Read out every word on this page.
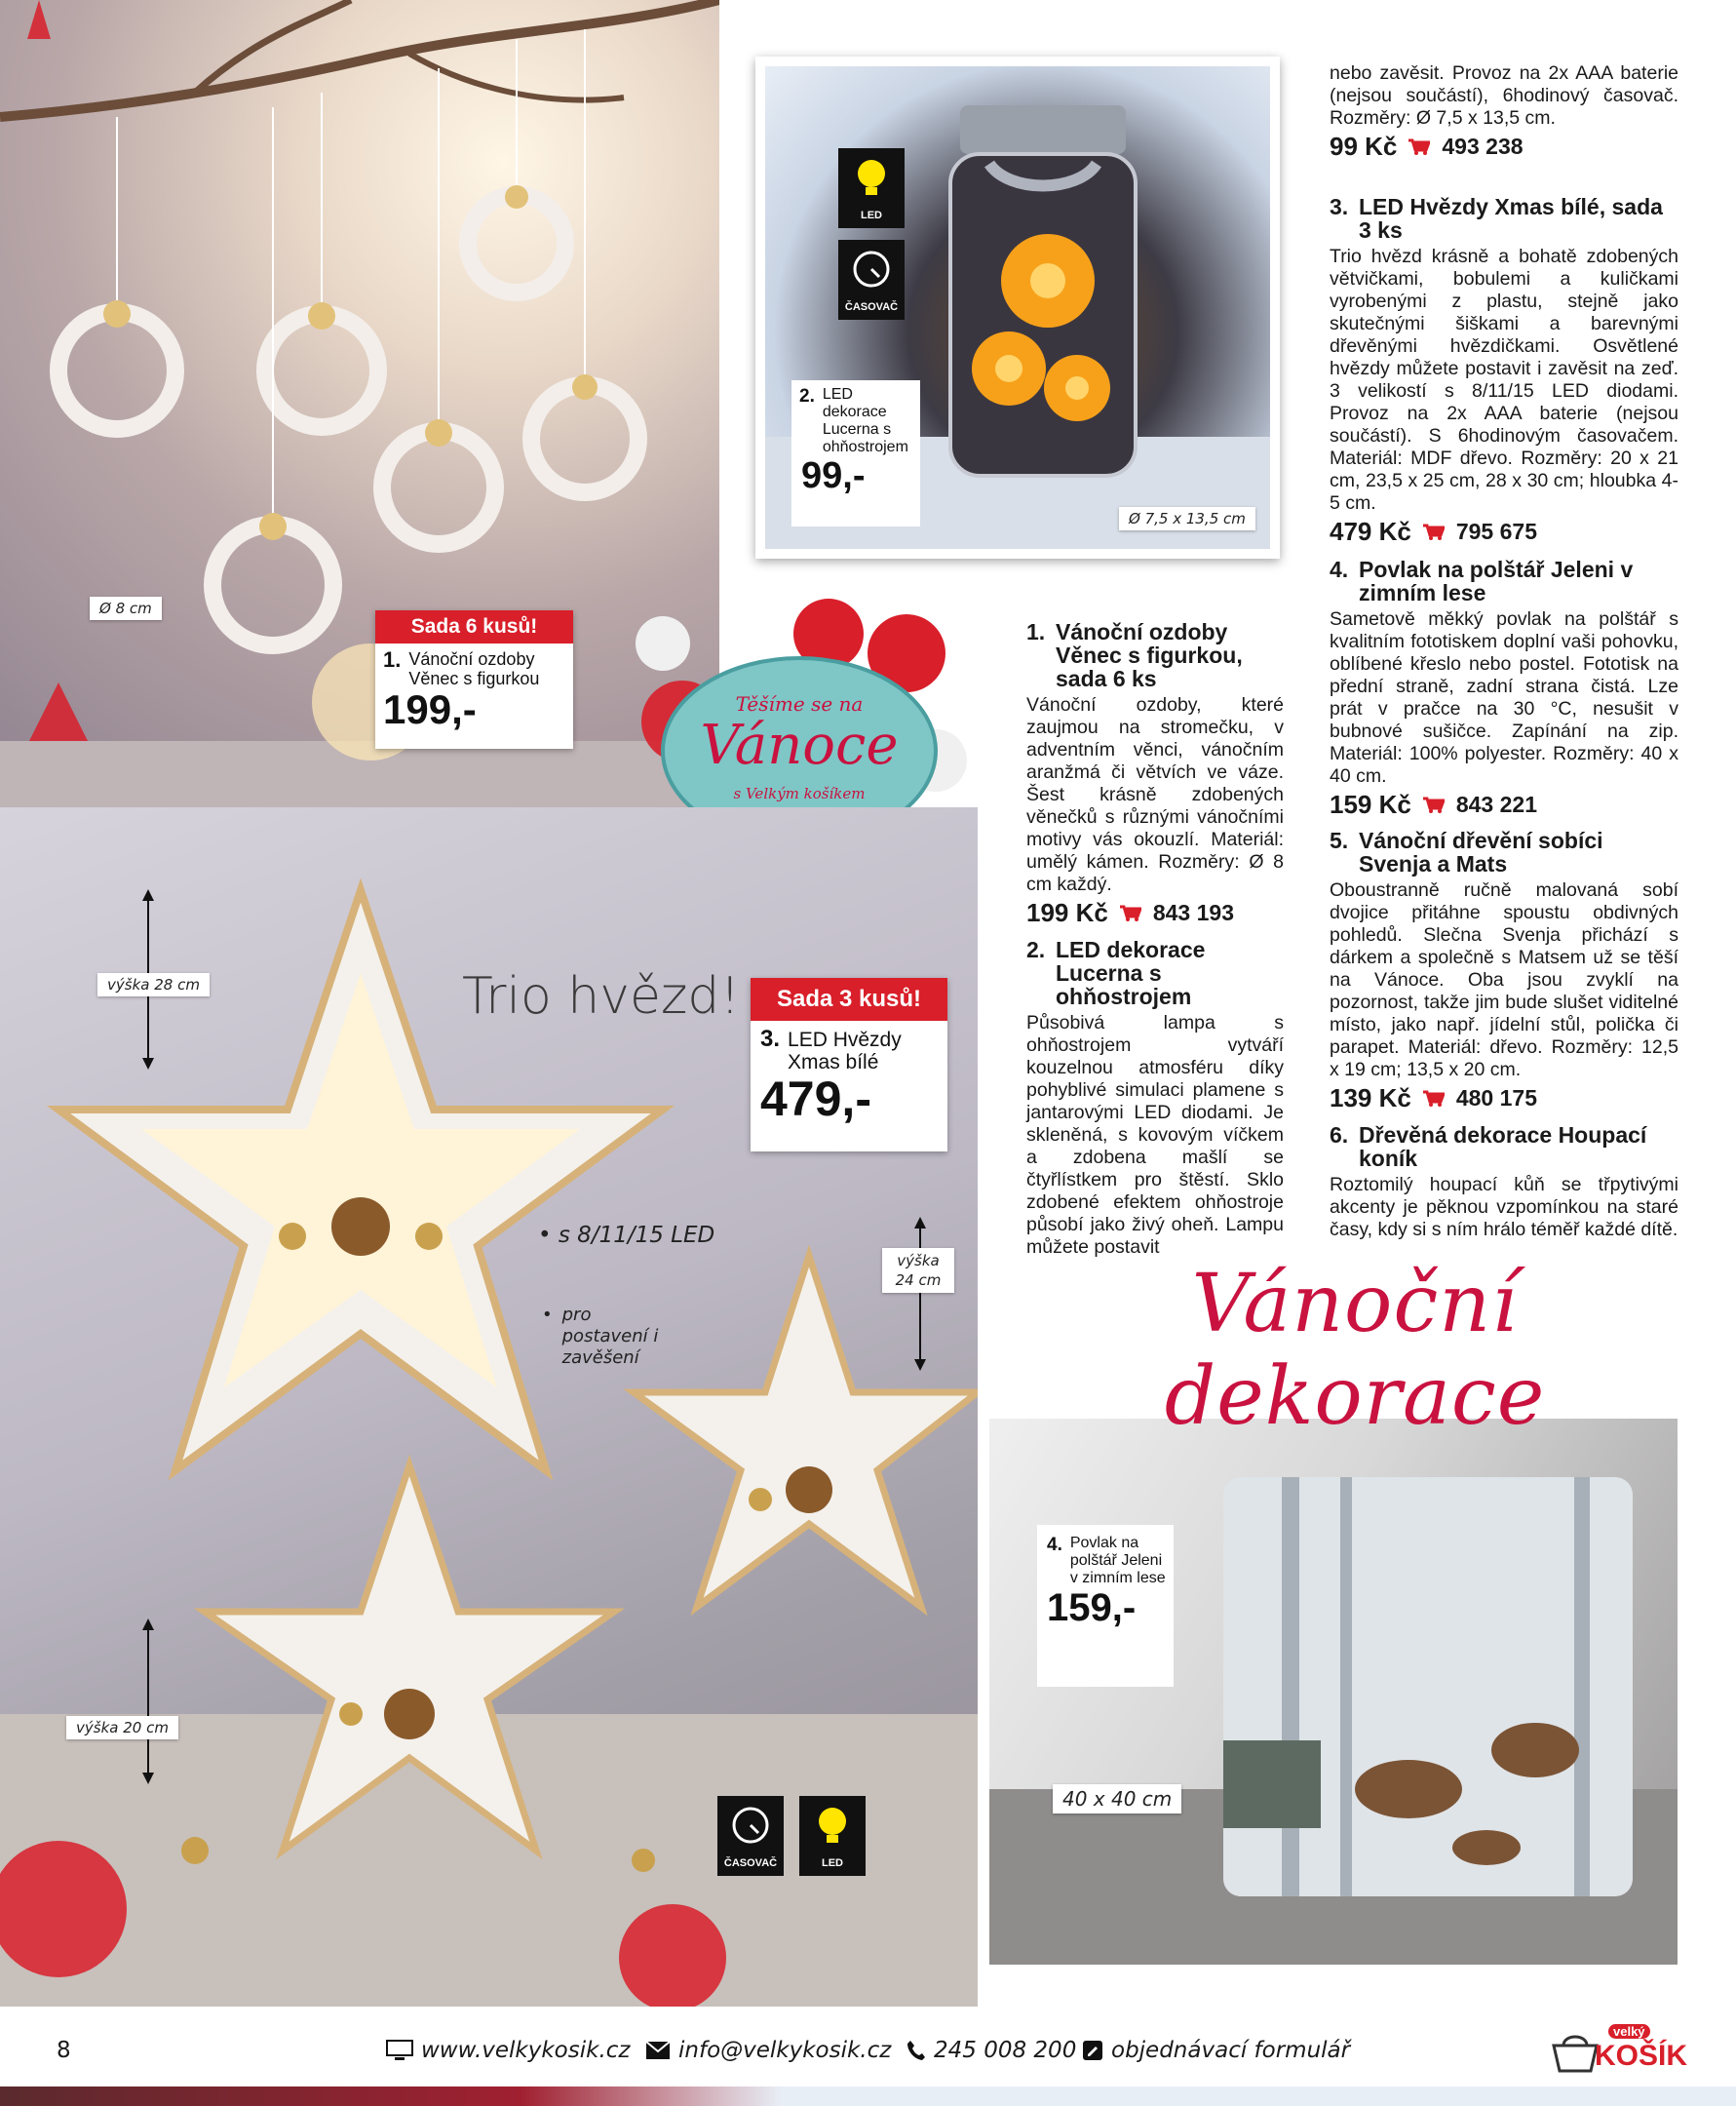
Sada 6 kusů!
1. Vánoční ozdoby Věnec s figurkou
199,-
Ø 8 cm
LED
ČASOVAČ
2. LED dekorace Lucerna s ohňostrojem
99,-
Ø 7,5 x 13,5 cm
Těšíme se na
Vánoce
s Velkým košíkem
Trio hvězd!	Sada 3 kusů!
3. LED Hvězdy Xmas bílé
479,-
• s 8/11/15 LED
• pro postavení i zavěšení
výška 28 cm
výška 24 cm
výška 20 cm
ČASOVAČ	LED
4. Povlak na polštář Jeleni v zimním lese
159,-
40 x 40 cm
1. Vánoční ozdoby Věnec s figurkou, sada 6 ks

Vánoční ozdoby, které zaujmou na stromečku, v adventním věnci, vánočním aranžmá či větvích ve váze. Šest krásně zdobených věnečků s různými vánočními motivy vás okouzlí. Materiál: umělý kámen. Rozměry: Ø 8 cm každý.

199 Kč 843 193
2. LED dekorace Lucerna s ohňostrojem

Působivá lampa s ohňostrojem vytváří kouzelnou atmosféru díky pohyblivé simulaci plamene s jantarovými LED diodami. Je skleněná, s kovovým víčkem a zdobena mašlí se čtyřlístkem pro štěstí. Sklo zdobené efektem ohňostroje působí jako živý oheň. Lampu můžete postavit

nebo zavěsit. Provoz na 2x AAA baterie (nejsou součástí), 6hodinový časovač. Rozměry: Ø 7,5 x 13,5 cm.

99 Kč 493 238
3. LED Hvězdy Xmas bílé, sada 3 ks

Trio hvězd krásně a bohatě zdobených větvičkami, bobulemi a kuličkami vyrobenými z plastu, stejně jako skutečnými šiškami a barevnými dřevěnými hvězdičkami. Osvětlené hvězdy můžete postavit i zavěsit na zeď. 3 velikostí s 8/11/15 LED diodami. Provoz na 2x AAA baterie (nejsou součástí). S 6hodinovým časovačem. Materiál: MDF dřevo. Rozměry: 20 x 21 cm, 23,5 x 25 cm, 28 x 30 cm; hloubka 4-5 cm.

479 Kč 795 675
4. Povlak na polštář Jeleni v zimním lese

Sametově měkký povlak na polštář s kvalitním fototiskem doplní vaši pohovku, oblíbené křeslo nebo postel. Fototisk na přední straně, zadní strana čistá. Lze prát v pračce na 30 °C, nesušit v bubnové sušičce. Zapínání na zip. Materiál: 100% polyester. Rozměry: 40 x 40 cm.

159 Kč 843 221
5. Vánoční dřevění sobíci Svenja a Mats

Oboustranně ručně malovaná sobí dvojice přitáhne spoustu obdivných pohledů. Slečna Svenja přichází s dárkem a společně s Matsem už se těší na Vánoce. Oba jsou zvyklí na pozornost, takže jim bude slušet viditelné místo, jako např. jídelní stůl, polička či parapet. Materiál: dřevo. Rozměry: 12,5 x 19 cm; 13,5 x 20 cm.

139 Kč 480 175
6. Dřevěná dekorace Houpací koník

Roztomilý houpací kůň se třpytivými akcenty je pěknou vzpomínkou na staré časy, kdy si s ním hrálo téměř každé dítě.

Vánoční dekorace
8	www.velkykosik.cz info@velkykosik.cz 245 008 200 objednávací formulář
velký
KOŠÍK
